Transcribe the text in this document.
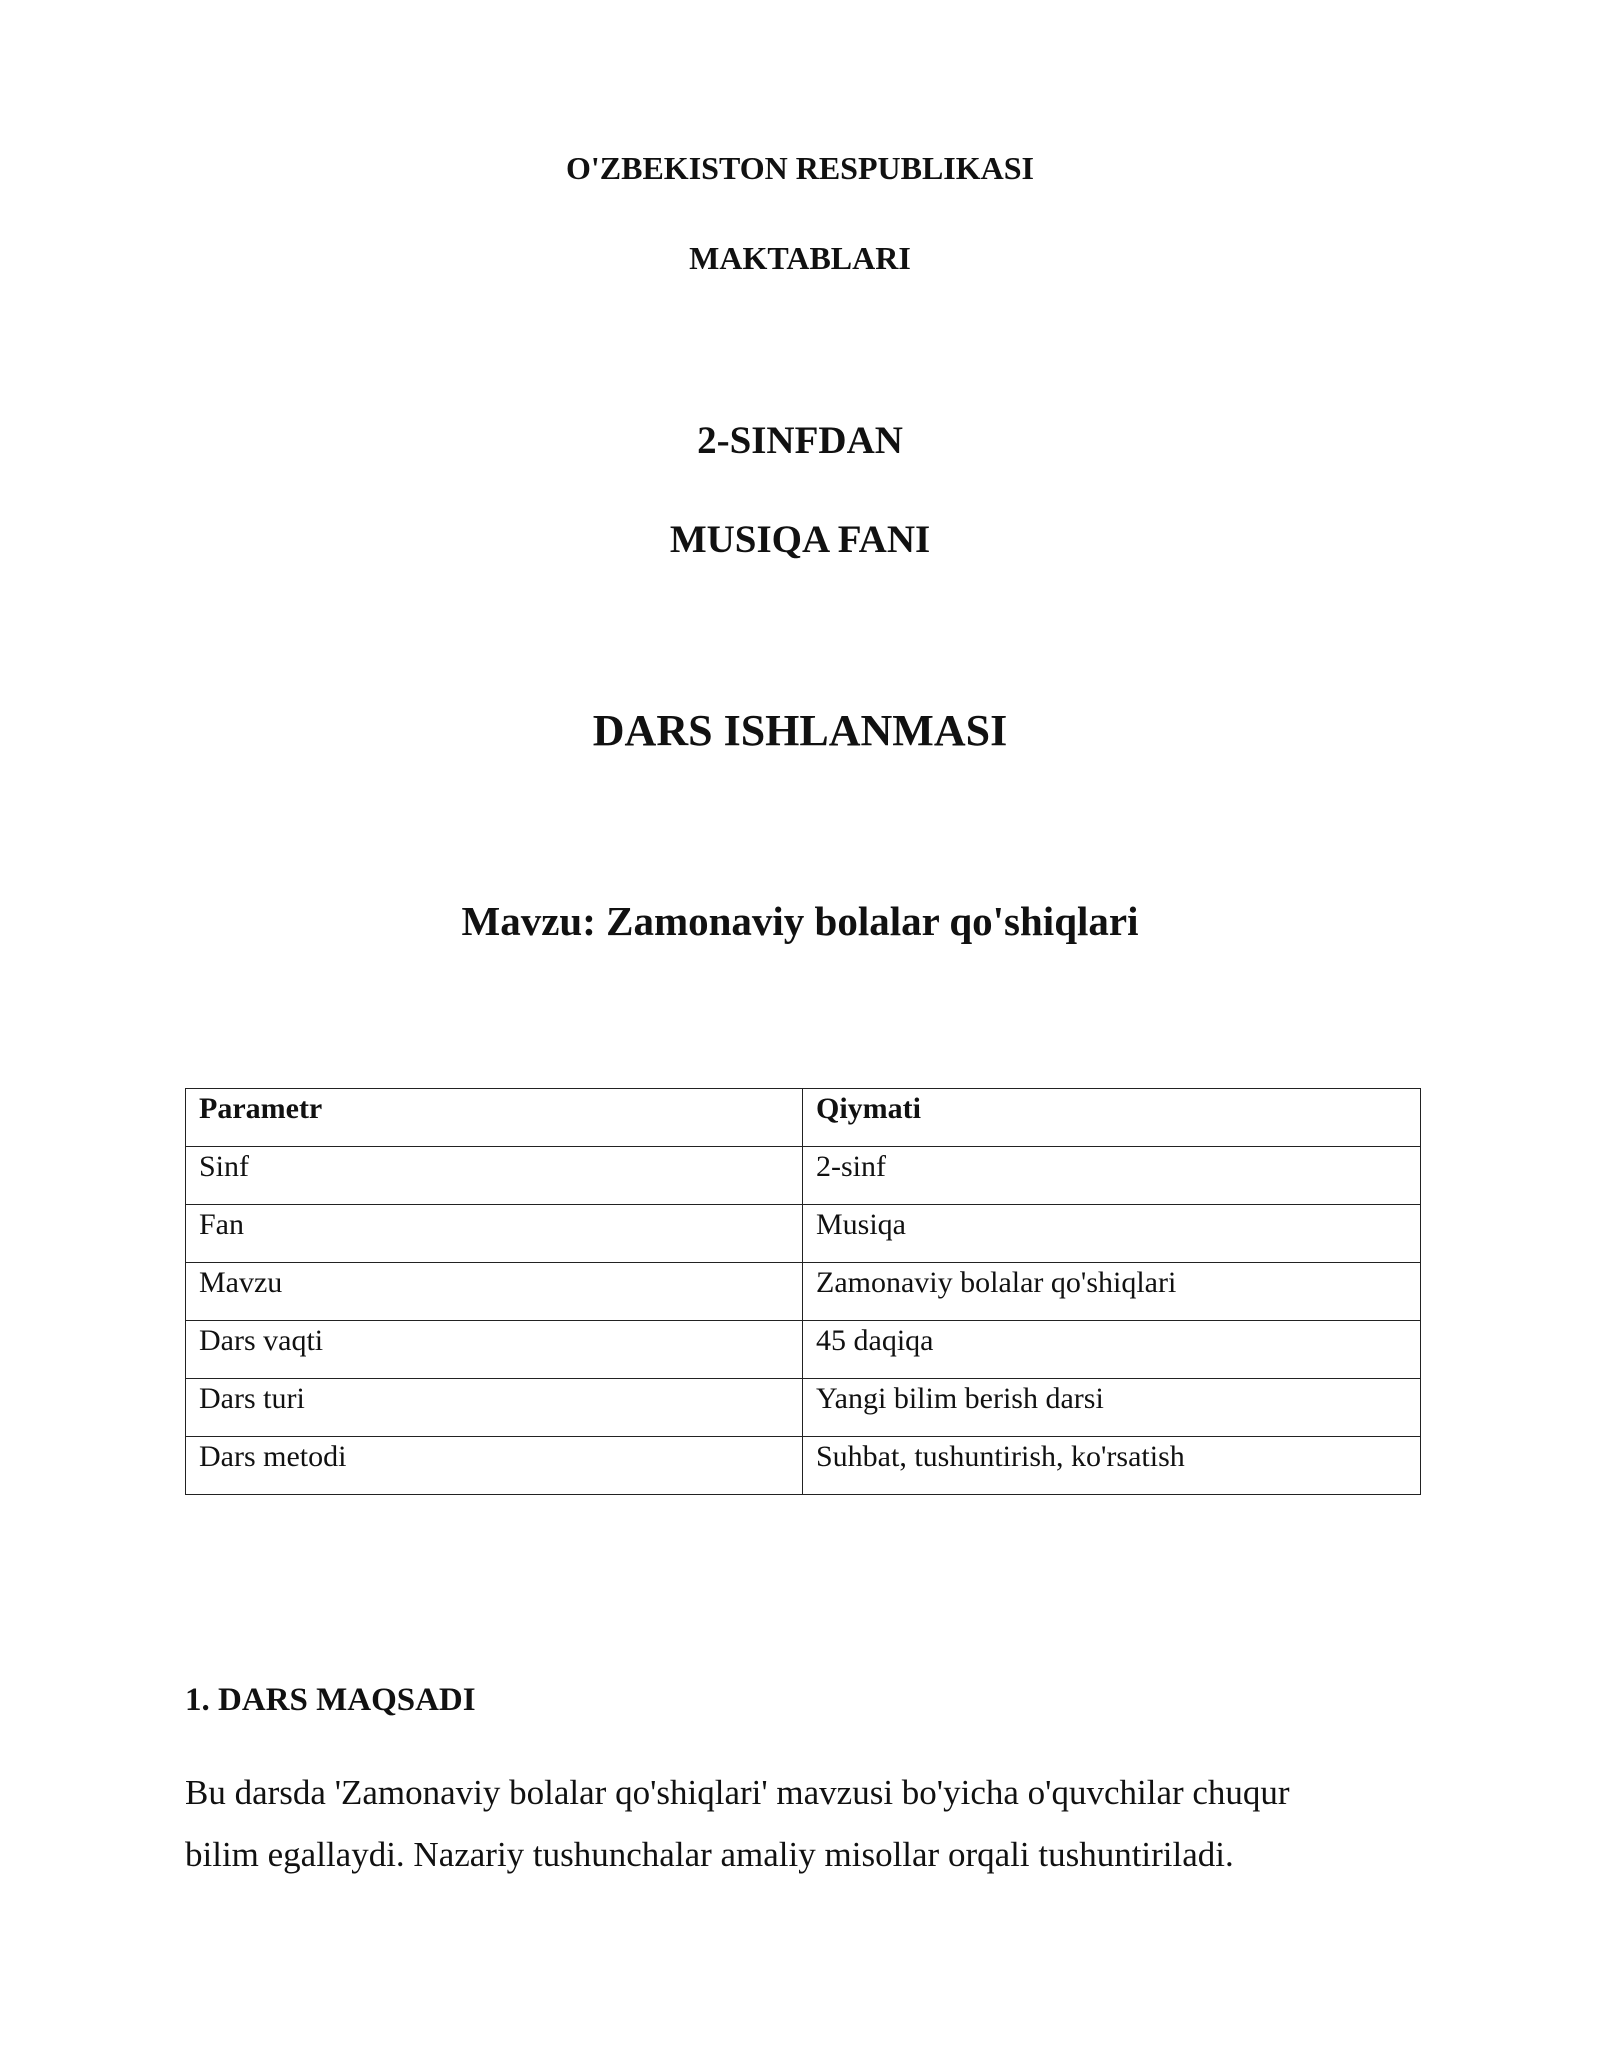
O'ZBEKISTON RESPUBLIKASI
MAKTABLARI
2-SINFDAN
MUSIQA FANI
DARS ISHLANMASI
Mavzu: Zamonaviy bolalar qo'shiqlari
Parametr	Qiymati
Sinf	2-sinf
Fan	Musiqa
Mavzu	Zamonaviy bolalar qo'shiqlari
Dars vaqti	45 daqiqa
Dars turi	Yangi bilim berish darsi
Dars metodi	Suhbat, tushuntirish, ko'rsatish
1. DARS MAQSADI
Bu darsda 'Zamonaviy bolalar qo'shiqlari' mavzusi bo'yicha o'quvchilar chuqur
bilim egallaydi. Nazariy tushunchalar amaliy misollar orqali tushuntiriladi.
